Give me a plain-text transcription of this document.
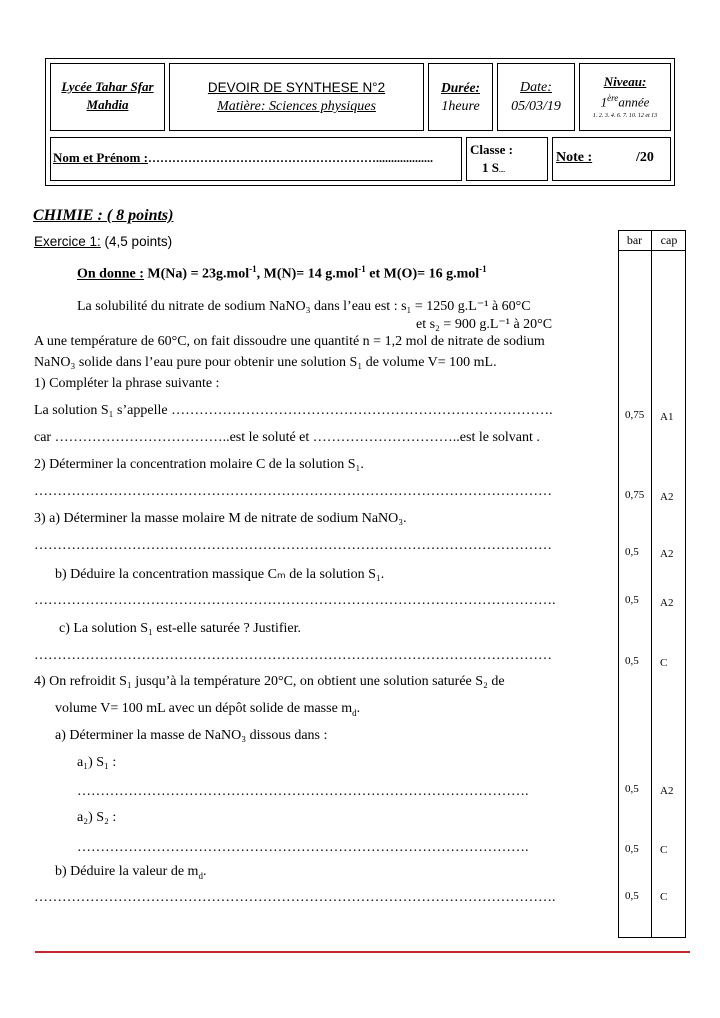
Lycée Tahar Sfar
Mahdia
DEVOIR DE SYNTHESE N°2
Matière: Sciences physiques
Durée:
1heure
Date:
05/03/19
Niveau:
1èreannée
1. 2. 3. 4. 6. 7. 10. 12 et 13
Nom et Prénom :…………………………………………………...................
Classe :
1 S....
Note :	/20
CHIMIE : ( 8 points)
Exercice 1: (4,5 points)	bar	cap
0,75 A1
0,75 A2
0,5 A2
0,5 A2
0,5 C
0,5 A2
0,5 C
0,5 C
On donne : M(Na) = 23g.mol$^{-1}$, M(N)= 14 g.mol$^{-1}$ et M(O)= 16 g.mol$^{-1}$
La solubilité du nitrate de sodium NaNO₃ dans l’eau est : s₁ = 1250 g.L⁻¹ à 60°C
et s₂ = 900 g.L⁻¹ à 20°C
A une température de 60°C, on fait dissoudre une quantité n = 1,2 mol de nitrate de sodium
NaNO₃ solide dans l’eau pure pour obtenir une solution S₁ de volume V= 100 mL.
1) Compléter la phrase suivante :
La solution S₁ s’appelle ……………………………………………………………………….
car ………………………………..est le soluté et …………………………..est le solvant .
2) Déterminer la concentration molaire C de la solution S₁.
…………………………………………………………………………………………………
3) a) Déterminer la masse molaire M de nitrate de sodium NaNO₃.
…………………………………………………………………………………………………
b) Déduire la concentration massique Cₘ de la solution S₁.
………………………………………………………………………………………………….
c) La solution S₁ est-elle saturée ? Justifier.
…………………………………………………………………………………………………
4) On refroidit S₁ jusqu’à la température 20°C, on obtient une solution saturée S₂ de
volume V= 100 mL avec un dépôt solide de masse $m_d$.
a) Déterminer la masse de NaNO₃ dissous dans :
a₁) S₁ :
…………………………………………………………………………………….
a₂) S₂ :
…………………………………………………………………………………….
b) Déduire la valeur de $m_d$.
………………………………………………………………………………………………….
